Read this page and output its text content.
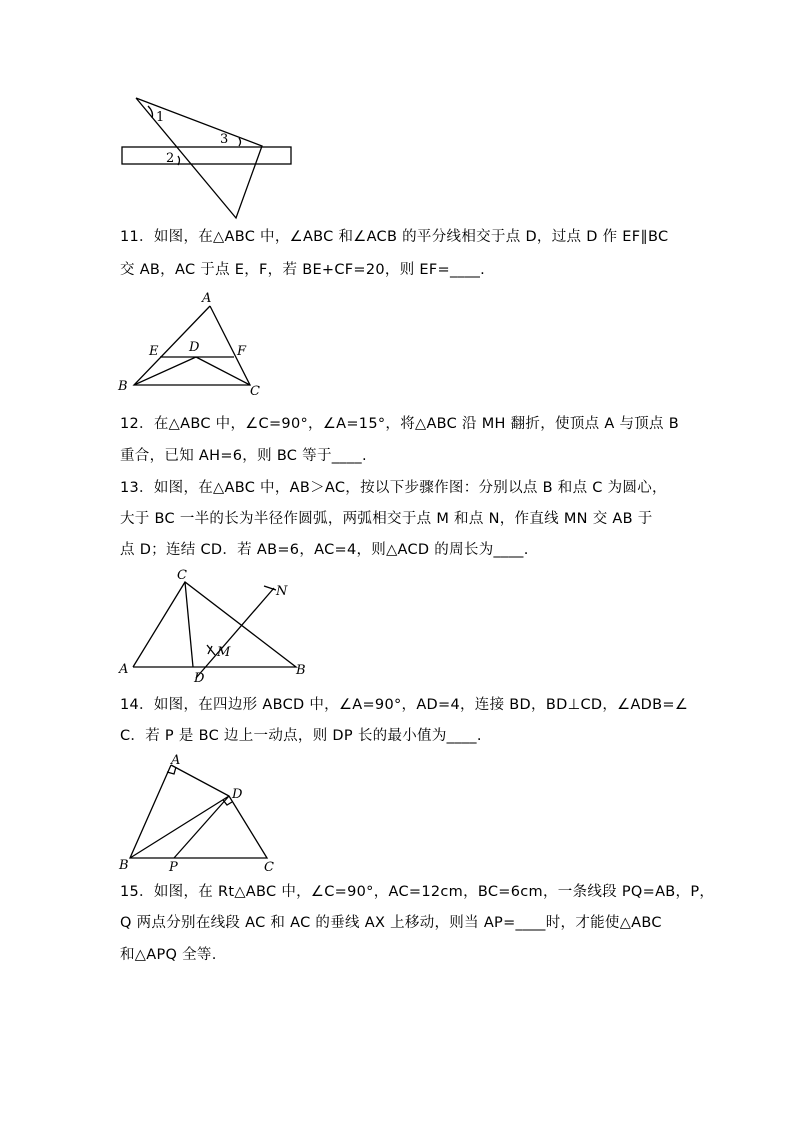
1
2
3
11．如图，在△ABC 中，∠ABC 和∠ACB 的平分线相交于点 D，过点 D 作 EF∥BC
交 AB，AC 于点 E，F，若 BE+CF=20，则 EF=____.
A
E D	F
B	C
12．在△ABC 中，∠C=90°，∠A=15°，将△ABC 沿 MH 翻折，使顶点 A 与顶点 B
重合，已知 AH=6，则 BC 等于____.
13．如图，在△ABC 中，AB＞AC，按以下步骤作图：分别以点 B 和点 C 为圆心，
大于 BC 一半的长为半径作圆弧，两弧相交于点 M 和点 N，作直线 MN 交 AB 于
点 D；连结 CD．若 AB=6，AC=4，则△ACD 的周长为____.
C
N
M
A
D
B
14．如图，在四边形 ABCD 中，∠A=90°，AD=4，连接 BD，BD⊥CD，∠ADB=∠
C．若 P 是 BC 边上一动点，则 DP 长的最小值为____.
A
D
B	P	C
15．如图，在 Rt△ABC 中，∠C=90°，AC=12cm，BC=6cm，一条线段 PQ=AB，P，
Q 两点分别在线段 AC 和 AC 的垂线 AX 上移动，则当 AP=____时，才能使△ABC
和△APQ 全等.
